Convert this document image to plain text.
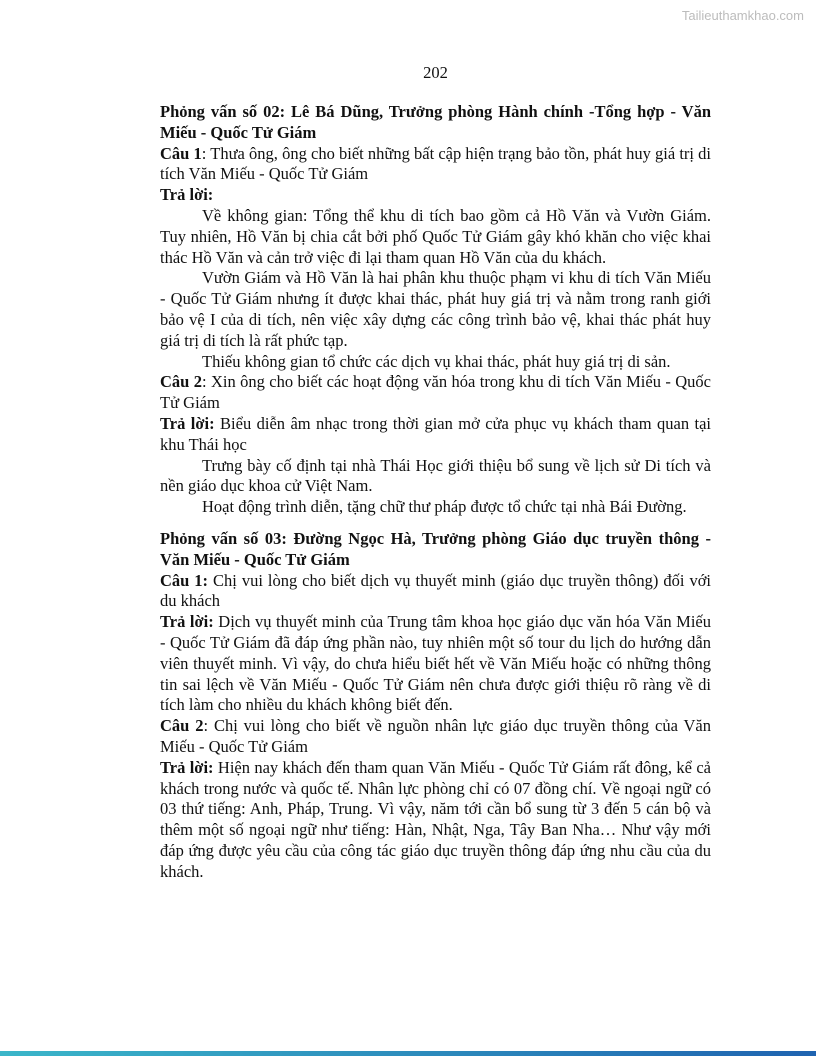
Tailieuthamkhao.com
202

Phỏng vấn số 02: Lê Bá Dũng, Trưởng phòng Hành chính -Tổng hợp - Văn Miếu - Quốc Tử Giám

Câu 1: Thưa ông, ông cho biết những bất cập hiện trạng bảo tồn, phát huy giá trị di tích Văn Miếu - Quốc Tử Giám

Trả lời:

Về không gian: Tổng thể khu di tích bao gồm cả Hồ Văn và Vườn Giám. Tuy nhiên, Hồ Văn bị chia cắt bởi phố Quốc Tử Giám gây khó khăn cho việc khai thác Hồ Văn và cản trở việc đi lại tham quan Hồ Văn của du khách.

Vườn Giám và Hồ Văn là hai phân khu thuộc phạm vi khu di tích Văn Miếu - Quốc Tử Giám nhưng ít được khai thác, phát huy giá trị và nằm trong ranh giới bảo vệ I của di tích, nên việc xây dựng các công trình bảo vệ, khai thác phát huy giá trị di tích là rất phức tạp.

Thiếu không gian tổ chức các dịch vụ khai thác, phát huy giá trị di sản.

Câu 2: Xin ông cho biết các hoạt động văn hóa trong khu di tích Văn Miếu - Quốc Tử Giám

Trả lời: Biểu diễn âm nhạc trong thời gian mở cửa phục vụ khách tham quan tại khu Thái học

Trưng bày cố định tại nhà Thái Học giới thiệu bổ sung về lịch sử Di tích và nền giáo dục khoa cử Việt Nam.

Hoạt động trình diễn, tặng chữ thư pháp được tổ chức tại nhà Bái Đường.

Phỏng vấn số 03: Đường Ngọc Hà, Trưởng phòng Giáo dục truyền thông - Văn Miếu - Quốc Tử Giám

Câu 1: Chị vui lòng cho biết dịch vụ thuyết minh (giáo dục truyền thông) đối với du khách

Trả lời: Dịch vụ thuyết minh của Trung tâm khoa học giáo dục văn hóa Văn Miếu - Quốc Tử Giám đã đáp ứng phần nào, tuy nhiên một số tour du lịch do hướng dẫn viên thuyết minh. Vì vậy, do chưa hiểu biết hết về Văn Miếu hoặc có những thông tin sai lệch về Văn Miếu - Quốc Tử Giám nên chưa được giới thiệu rõ ràng về di tích làm cho nhiều du khách không biết đến.

Câu 2: Chị vui lòng cho biết về nguồn nhân lực giáo dục truyền thông của Văn Miếu - Quốc Tử Giám

Trả lời: Hiện nay khách đến tham quan Văn Miếu - Quốc Tử Giám rất đông, kể cả khách trong nước và quốc tế. Nhân lực phòng chỉ có 07 đồng chí. Về ngoại ngữ có 03 thứ tiếng: Anh, Pháp, Trung. Vì vậy, năm tới cần bổ sung từ 3 đến 5 cán bộ và thêm một số ngoại ngữ như tiếng: Hàn, Nhật, Nga, Tây Ban Nha… Như vậy mới đáp ứng được yêu cầu của công tác giáo dục truyền thông đáp ứng nhu cầu của du khách.
